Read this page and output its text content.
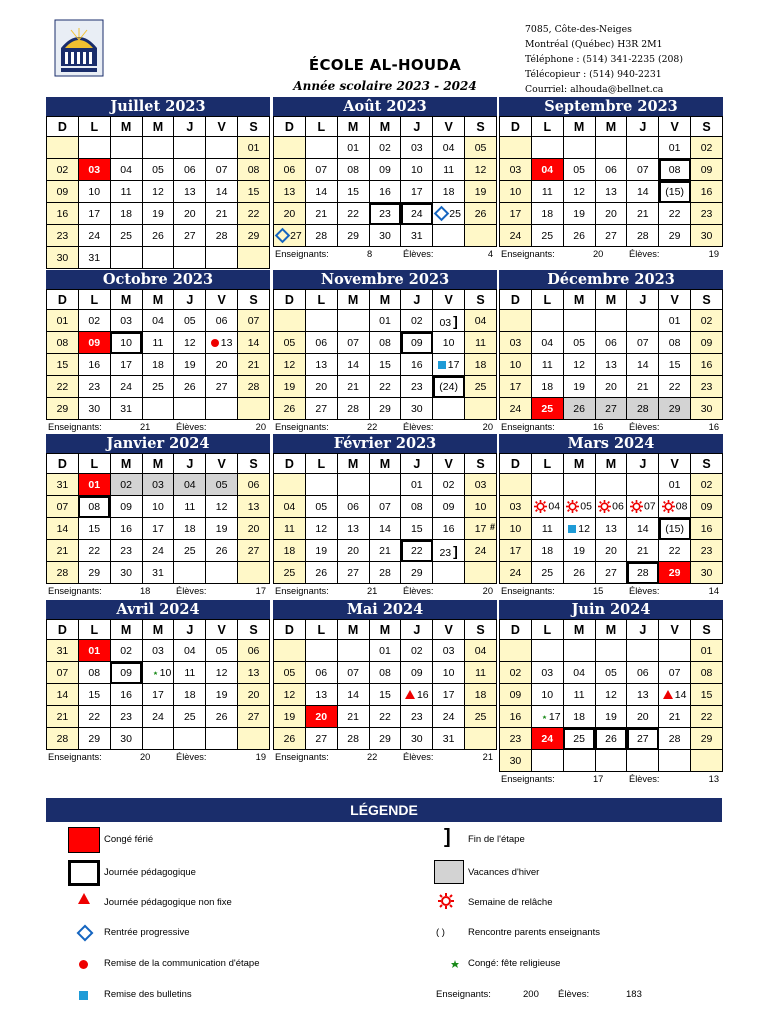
ÉCOLE AL-HOUDA
Année scolaire 2023 - 2024
7085, Côte-des-Neiges
Montréal (Québec) H3R 2M1
Téléphone : (514) 341-2235 (208)
Télécopieur : (514) 940-2231
Courriel: alhouda@bellnet.ca
Juillet 2023
D	L	M	M	J	V	S
						01
02	03	04	05	06	07	08
09	10	11	12	13	14	15
16	17	18	19	20	21	22
23	24	25	26	27	28	29
30	31					
Août 2023
D	L	M	M	J	V	S
		01	02	03	04	05
06	07	08	09	10	11	12
13	14	15	16	17	18	19
20	21	22	23	24	25	26
27	28	29	30	31		
Enseignants:	8	Élèves:	4
Septembre 2023
D	L	M	M	J	V	S
					01	02
03	04	05	06	07	08	09
10	11	12	13	14	(15)	16
17	18	19	20	21	22	23
24	25	26	27	28	29	30
Enseignants:	20	Élèves:	19
Octobre 2023
D	L	M	M	J	V	S
01	02	03	04	05	06	07
08	09	10	11	12	13	14
15	16	17	18	19	20	21
22	23	24	25	26	27	28
29	30	31				
Enseignants:	21	Élèves:	20
Novembre 2023
D	L	M	M	J	V	S
			01	02	03 ]	04
05	06	07	08	09	10	11
12	13	14	15	16	17	18
19	20	21	22	23	(24)	25
26	27	28	29	30		
Enseignants:	22	Élèves:	20
Décembre 2023
D	L	M	M	J	V	S
					01	02
03	04	05	06	07	08	09
10	11	12	13	14	15	16
17	18	19	20	21	22	23
24	25	26	27	28	29	30
Enseignants:	16	Élèves:	16
Janvier 2024
D	L	M	M	J	V	S
31	01	02	03	04	05	06
07	08	09	10	11	12	13
14	15	16	17	18	19	20
21	22	23	24	25	26	27
28	29	30	31			
Enseignants:	18	Élèves:	17
Février 2023
D	L	M	M	J	V	S
				01	02	03
04	05	06	07	08	09	10
11	12	13	14	15	16	17
18	19	20	21	22	23 ]	24
25	26	27	28	29		
Enseignants:	21	Élèves:	20
Mars 2024
D	L	M	M	J	V	S
					01	02
03	04	05	06	07	08	09
10	11	12	13	14	(15)	16
17	18	19	20	21	22	23
24	25	26	27	28	29	30
Enseignants:	15	Élèves:	14
Avril 2024
D	L	M	M	J	V	S
31	01	02	03	04	05	06
07	08	09	10	11	12	13
14	15	16	17	18	19	20
21	22	23	24	25	26	27
28	29	30				
Enseignants:	20	Élèves:	19
Mai 2024
D	L	M	M	J	V	S
			01	02	03	04
05	06	07	08	09	10	11
12	13	14	15	16	17	18
19	20	21	22	23	24	25
26	27	28	29	30	31	
Enseignants:	22	Élèves:	21
Juin 2024
D	L	M	M	J	V	S
						01
02	03	04	05	06	07	08
09	10	11	12	13	14	15
16	17	18	19	20	21	22
23	24	25	26	27	28	29
30						
Enseignants:	17	Élèves:	13
#
LÉGENDE
Congé férié
Journée pédagogique
Journée pédagogique non fixe
Rentrée progressive
Remise de la communication d'étape
Remise des bulletins
] Fin de l'étape
Vacances d'hiver
Semaine de relâche
( ) Rencontre parents enseignants
Congé: fête religieuse
Enseignants:	200 Élèves:	183
